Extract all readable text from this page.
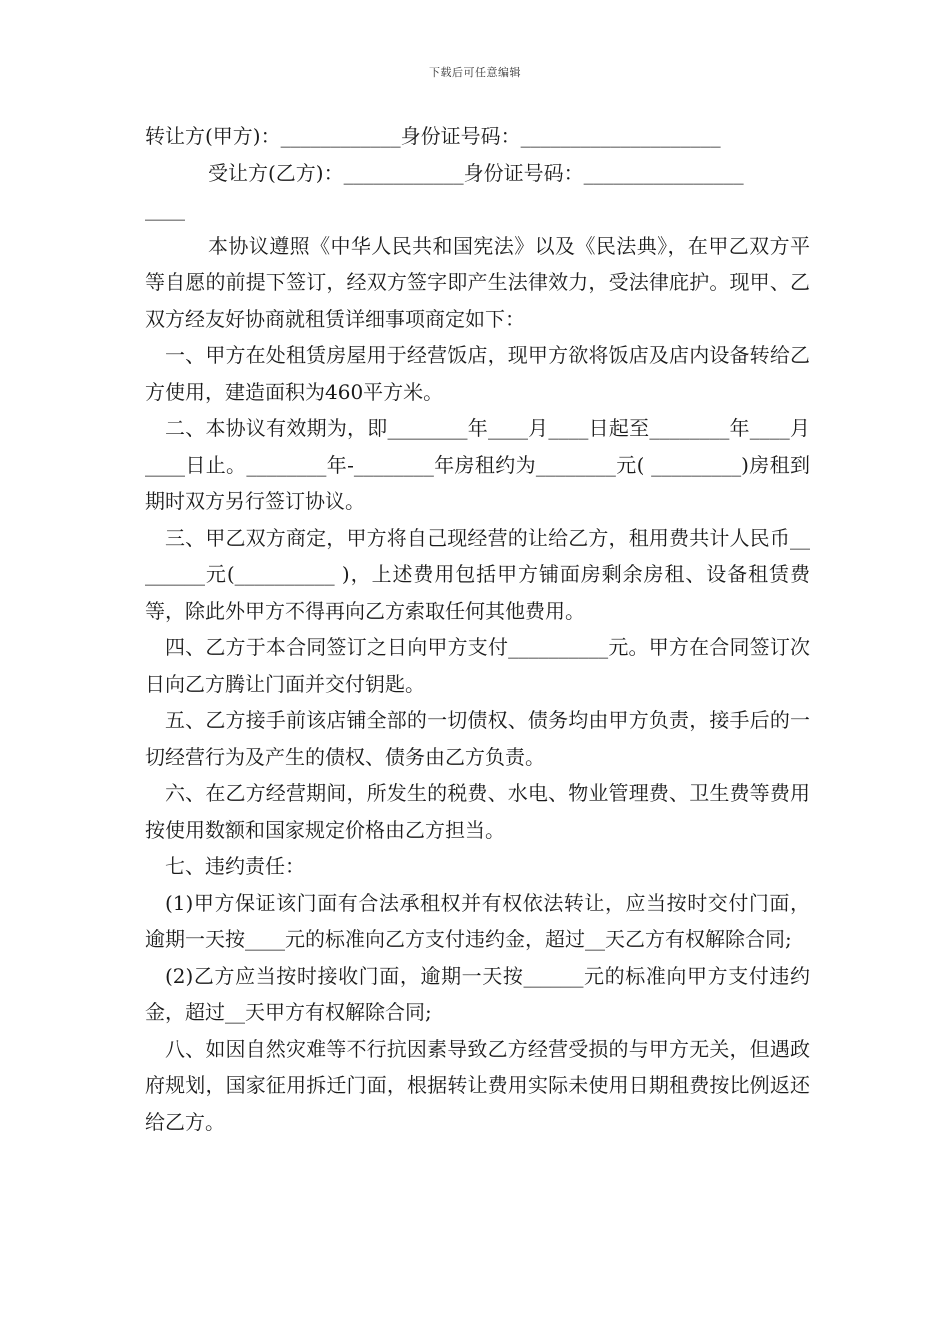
下载后可任意编辑
转让方(甲方)：____________身份证号码：____________________
受让方(乙方)：____________身份证号码：________________
____

本协议遵照《中华人民共和国宪法》以及《民法典》，在甲乙双方平等自愿的前提下签订，经双方签字即产生法律效力，受法律庇护。现甲、乙双方经友好协商就租赁详细事项商定如下：

一、甲方在处租赁房屋用于经营饭店，现甲方欲将饭店及店内设备转给乙方使用，建造面积为460平方米。

二、本协议有效期为，即________年____月____日起至________年____月____日止。________年-________年房租约为________元( _________)房租到期时双方另行签订协议。

三、甲乙双方商定，甲方将自己现经营的让给乙方，租用费共计人民币________元(__________ )，上述费用包括甲方铺面房剩余房租、设备租赁费等，除此外甲方不得再向乙方索取任何其他费用。

四、乙方于本合同签订之日向甲方支付__________元。甲方在合同签订次日向乙方腾让门面并交付钥匙。

五、乙方接手前该店铺全部的一切债权、债务均由甲方负责，接手后的一切经营行为及产生的债权、债务由乙方负责。

六、在乙方经营期间，所发生的税费、水电、物业管理费、卫生费等费用按使用数额和国家规定价格由乙方担当。

七、违约责任：

(1)甲方保证该门面有合法承租权并有权依法转让，应当按时交付门面，逾期一天按____元的标准向乙方支付违约金，超过__天乙方有权解除合同;

(2)乙方应当按时接收门面，逾期一天按______元的标准向甲方支付违约金，超过__天甲方有权解除合同;

八、如因自然灾难等不行抗因素导致乙方经营受损的与甲方无关，但遇政府规划，国家征用拆迁门面，根据转让费用实际未使用日期租费按比例返还给乙方。
